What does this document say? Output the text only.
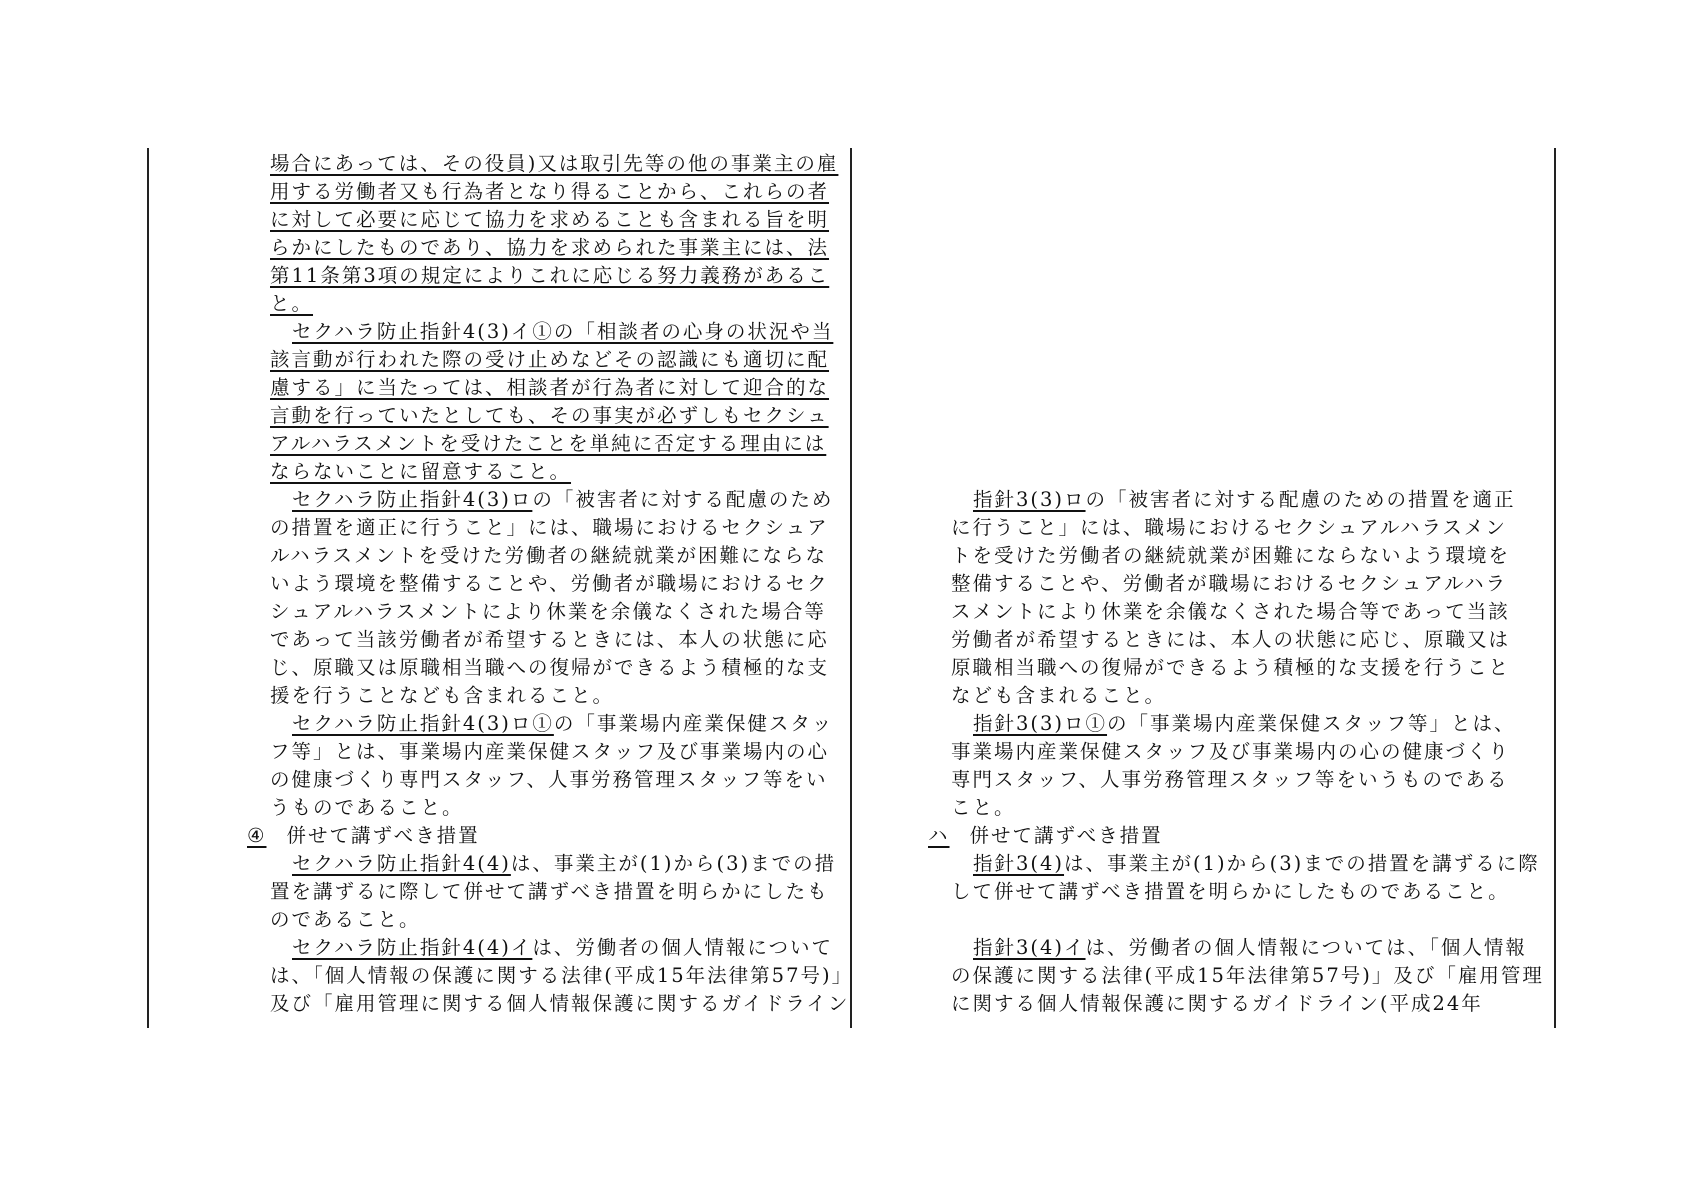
場合にあっては、その役員)又は取引先等の他の事業主の雇
用する労働者又も行為者となり得ることから、これらの者
に対して必要に応じて協力を求めることも含まれる旨を明
らかにしたものであり、協力を求められた事業主には、法
第11条第3項の規定によりこれに応じる努力義務があるこ
と。
セクハラ防止指針4(3)イ①の「相談者の心身の状況や当
該言動が行われた際の受け止めなどその認識にも適切に配
慮する」に当たっては、相談者が行為者に対して迎合的な
言動を行っていたとしても、その事実が必ずしもセクシュ
アルハラスメントを受けたことを単純に否定する理由には
ならないことに留意すること。
セクハラ防止指針4(3)ロの「被害者に対する配慮のため
の措置を適正に行うこと」には、職場におけるセクシュア
ルハラスメントを受けた労働者の継続就業が困難にならな
いよう環境を整備することや、労働者が職場におけるセク
シュアルハラスメントにより休業を余儀なくされた場合等
であって当該労働者が希望するときには、本人の状態に応
じ、原職又は原職相当職への復帰ができるよう積極的な支
援を行うことなども含まれること。
セクハラ防止指針4(3)ロ①の「事業場内産業保健スタッ
フ等」とは、事業場内産業保健スタッフ及び事業場内の心
の健康づくり専門スタッフ、人事労務管理スタッフ等をい
うものであること。
④ 併せて講ずべき措置
セクハラ防止指針4(4)は、事業主が(1)から(3)までの措
置を講ずるに際して併せて講ずべき措置を明らかにしたも
のであること。
セクハラ防止指針4(4)イは、労働者の個人情報について
は、「個人情報の保護に関する法律(平成15年法律第57号)」
及び「雇用管理に関する個人情報保護に関するガイドライン
指針3(3)ロの「被害者に対する配慮のための措置を適正
に行うこと」には、職場におけるセクシュアルハラスメン
トを受けた労働者の継続就業が困難にならないよう環境を
整備することや、労働者が職場におけるセクシュアルハラ
スメントにより休業を余儀なくされた場合等であって当該
労働者が希望するときには、本人の状態に応じ、原職又は
原職相当職への復帰ができるよう積極的な支援を行うこと
なども含まれること。
指針3(3)ロ①の「事業場内産業保健スタッフ等」とは、
事業場内産業保健スタッフ及び事業場内の心の健康づくり
専門スタッフ、人事労務管理スタッフ等をいうものである
こと。
ハ 併せて講ずべき措置
指針3(4)は、事業主が(1)から(3)までの措置を講ずるに際
して併せて講ずべき措置を明らかにしたものであること。
指針3(4)イは、労働者の個人情報については、「個人情報
の保護に関する法律(平成15年法律第57号)」及び「雇用管理
に関する個人情報保護に関するガイドライン(平成24年
